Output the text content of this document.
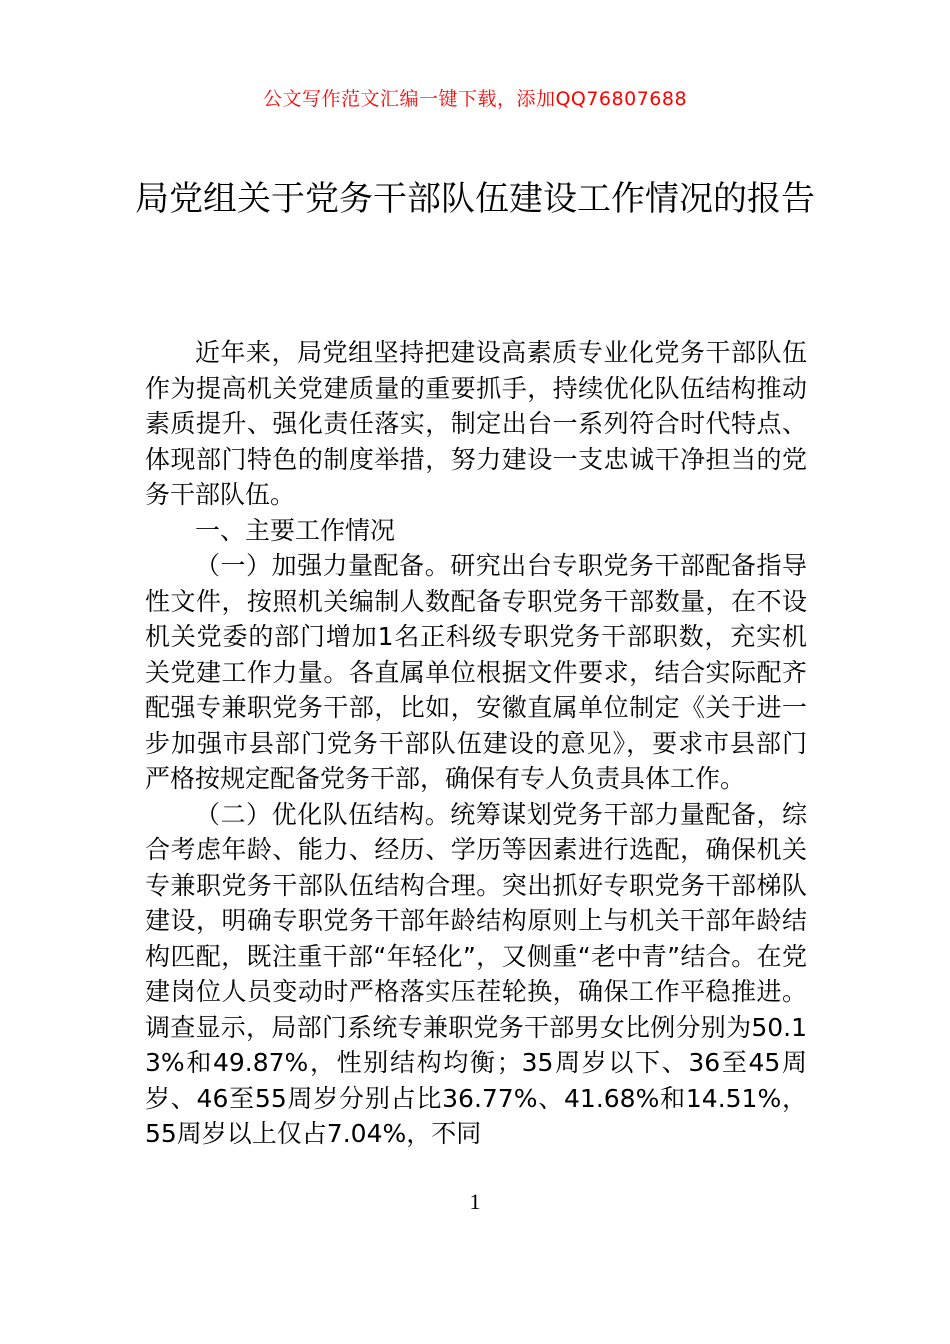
公文写作范文汇编一键下载，添加QQ76807688
局党组关于党务干部队伍建设工作情况的报告

近年来，局党组坚持把建设高素质专业化党务干部队伍作为提高机关党建质量的重要抓手，持续优化队伍结构推动素质提升、强化责任落实，制定出台一系列符合时代特点、体现部门特色的制度举措，努力建设一支忠诚干净担当的党务干部队伍。

一、主要工作情况

（一）加强力量配备。研究出台专职党务干部配备指导性文件，按照机关编制人数配备专职党务干部数量，在不设机关党委的部门增加1名正科级专职党务干部职数，充实机关党建工作力量。各直属单位根据文件要求，结合实际配齐配强专兼职党务干部，比如，安徽直属单位制定《关于进一步加强市县部门党务干部队伍建设的意见》，要求市县部门严格按规定配备党务干部，确保有专人负责具体工作。

（二）优化队伍结构。统筹谋划党务干部力量配备，综合考虑年龄、能力、经历、学历等因素进行选配，确保机关专兼职党务干部队伍结构合理。突出抓好专职党务干部梯队建设，明确专职党务干部年龄结构原则上与机关干部年龄结构匹配，既注重干部“年轻化”，又侧重“老中青”结合。在党建岗位人员变动时严格落实压茬轮换，确保工作平稳推进。调查显示，局部门系统专兼职党务干部男女比例分别为50.13%和49.87%，性别结构均衡；35周岁以下、36至45周岁、46至55周岁分别占比36.77%、41.68%和14.51%，55周岁以上仅占7.04%，不同

1
